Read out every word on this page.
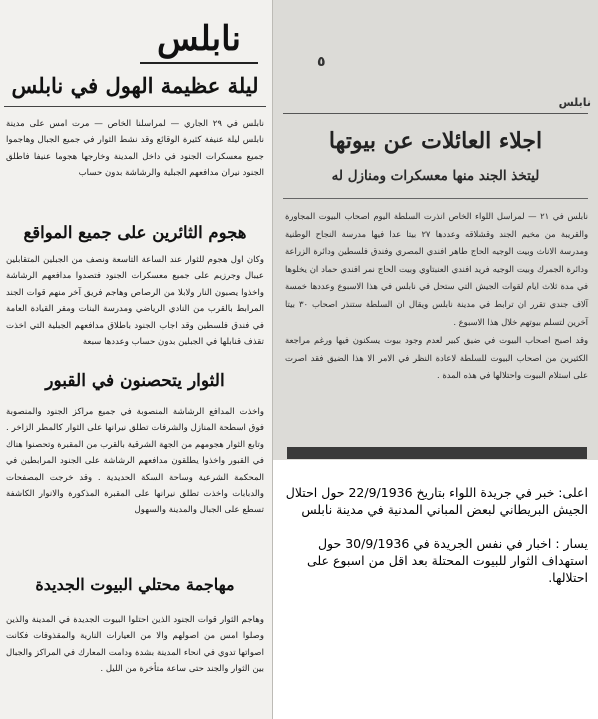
نابلس
ليلة عظيمة الهول في نابلس
نابلس في ٢٩ الجاري — لمراسلنا الخاص — مرت امس على مدينة نابلس ليلة عنيفة كثيرة الوقائع وقد نشط الثوار في جميع الجبال وهاجموا جميع معسكرات الجنود في داخل المدينة وخارجها هجوما عنيفا فاطلق الجنود نيران مدافعهم الجبلية والرشاشة بدون حساب
هجوم الثائرين على جميع المواقع
وكان اول هجوم للثوار عند الساعة التاسعة ونصف من الجبلين المتقابلين عيبال وجرزيم على جميع معسكرات الجنود فتصدوا مدافعهم الرشاشة واخذوا يصبون النار ولابلا من الرصاص وهاجم فريق آخر منهم قوات الجند المرابط بالقرب من النادي الرياضي ومدرسة البنات ومقر القيادة العامة في فندق فلسطين وقد اجاب الجنود باطلاق مدافعهم الجبلية التي اخذت تقذف قنابلها في الجبلين بدون حساب وعددها سبعة
الثوار يتحصنون في القبور
واخذت المدافع الرشاشة المنصوبة في جميع مراكز الجنود والمنصوبة فوق اسطحة المنازل والشرفات تطلق نيرانها على الثوار كالمطر الزاخر . وتابع الثوار هجومهم من الجهة الشرقية بالقرب من المقبرة وتحصنوا هناك في القبور واخذوا يطلقون مدافعهم الرشاشة على الجنود المرابطين في المحكمة الشرعية وساحة السكة الحديدية . وقد خرجت المصفحات والدبابات واخذت تطلق نيرانها على المقبرة المذكورة والانوار الكاشفة تسطع على الجبال والمدينة والسهول
مهاجمة محتلي البيوت الجديدة
وهاجم الثوار قوات الجنود الذين احتلوا البيوت الجديدة في المدينة والذين وصلوا امس من اصولهم والا من العيارات النارية والمقذوفات فكانت اصواتها تدوي في انحاء المدينة بشدة ودامت المعارك في المراكز والجبال بين الثوار والجند حتى ساعة متأخرة من الليل .
٥
نابلس
اجلاء العائلات عن بيوتها
ليتخذ الجند منها معسكرات ومنازل له

نابلس في ٢١ — لمراسل اللواء الخاص انذرت السلطة اليوم اصحاب البيوت المجاورة والقريبة من مخيم الجند وقشلاقه وعددها ٢٧ بيتا عدا فيها مدرسة النجاح الوطنية ومدرسة الاناث وبيت الوجيه الحاج طاهر افندي المصري وفندق فلسطين ودائرة الزراعة ودائرة الجمرك وبيت الوجيه فريد افندي العنبتاوي وبيت الحاج نمر افندي حماد ان يخلوها في مدة ثلاث ايام لقوات الجيش التي ستحل في نابلس في هذا الاسبوع وعددها خمسة آلاف جندي تقرر ان ترابط في مدينة نابلس ويقال ان السلطة ستنذر اصحاب ٣٠ بيتا آخرين لتسلم بيوتهم خلال هذا الاسبوع .

وقد اصبح اصحاب البيوت في ضيق كبير لعدم وجود بيوت يسكنون فيها ورغم مراجعة الكثيرين من اصحاب البيوت للسلطة لاعادة النظر في الامر الا هذا الضيق فقد اصرت على استلام البيوت واحتلالها في هذه المدة .

اعلى: خبر في جريدة اللواء بتاريخ 22/9/1936 حول احتلال الجيش البريطاني لبعض المباني المدنية في مدينة نابلس

يسار : اخبار في نفس الجريدة في 30/9/1936 حول استهداف الثوار للبيوت المحتلة بعد اقل من اسبوع على احتلالها.
